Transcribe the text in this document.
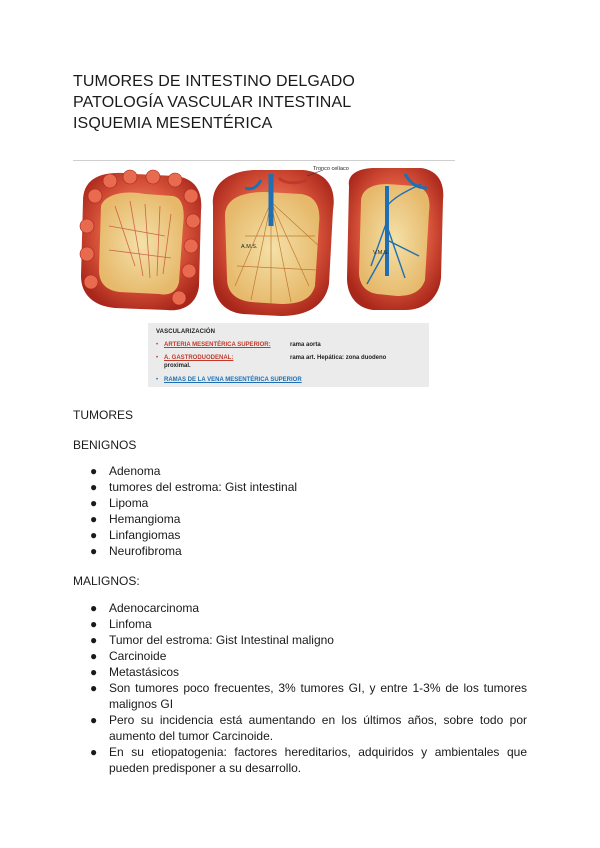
TUMORES DE INTESTINO DELGADO
PATOLOGÍA VASCULAR INTESTINAL
ISQUEMIA MESENTÉRICA
A.M.S.
Tronco celíaco
V.M.S.
VASCULARIZACIÓN
• ARTERIA MESENTÉRICA SUPERIOR:	rama aorta
• A. GASTRODUODENAL:	rama art. Hepática: zona duodeno
proximal.
• RAMAS DE LA VENA MESENTÉRICA SUPERIOR
TUMORES
BENIGNOS
● Adenoma
● tumores del estroma: Gist intestinal
● Lipoma
● Hemangioma
● Linfangiomas
● Neurofibroma
MALIGNOS:
● Adenocarcinoma
● Linfoma
● Tumor del estroma: Gist Intestinal maligno
● Carcinoide
● Metastásicos
● Son tumores poco frecuentes, 3% tumores GI, y entre 1-3% de los tumores malignos GI
● Pero su incidencia está aumentando en los últimos años, sobre todo por aumento del tumor Carcinoide.
● En su etiopatogenia: factores hereditarios, adquiridos y ambientales que pueden predisponer a su desarrollo.
